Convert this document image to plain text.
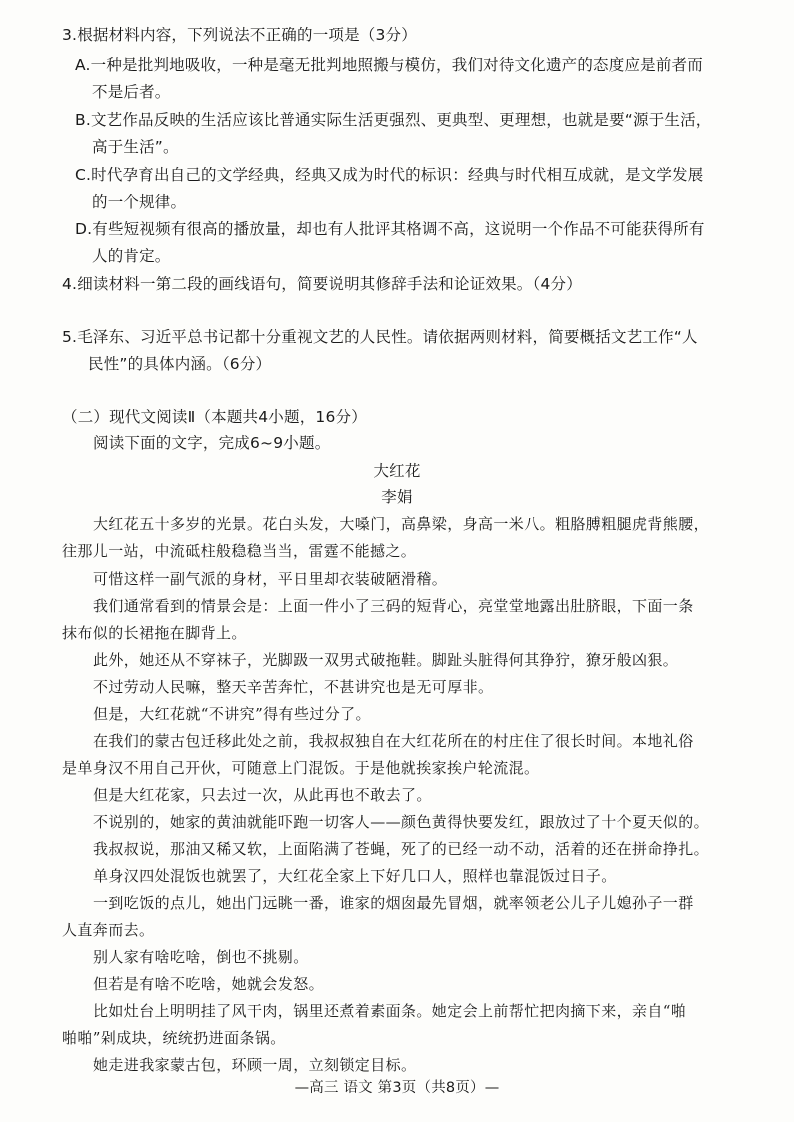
3.根据材料内容，下列说法不正确的一项是（3分）
A.一种是批判地吸收，一种是毫无批判地照搬与模仿，我们对待文化遗产的态度应是前者而
不是后者。
B.文艺作品反映的生活应该比普通实际生活更强烈、更典型、更理想，也就是要“源于生活，
高于生活”。
C.时代孕育出自己的文学经典，经典又成为时代的标识：经典与时代相互成就，是文学发展
的一个规律。
D.有些短视频有很高的播放量，却也有人批评其格调不高，这说明一个作品不可能获得所有
人的肯定。
4.细读材料一第二段的画线语句，简要说明其修辞手法和论证效果。（4分）
5.毛泽东、习近平总书记都十分重视文艺的人民性。请依据两则材料，简要概括文艺工作“人
民性”的具体内涵。（6分）
（二）现代文阅读Ⅱ（本题共4小题，16分）
阅读下面的文字，完成6~9小题。
大红花
李娟
大红花五十多岁的光景。花白头发，大嗓门，高鼻梁，身高一米八。粗胳膊粗腿虎背熊腰，
往那儿一站，中流砥柱般稳稳当当，雷霆不能撼之。
可惜这样一副气派的身材，平日里却衣装破陋滑稽。
我们通常看到的情景会是：上面一件小了三码的短背心，亮堂堂地露出肚脐眼，下面一条
抹布似的长裙拖在脚背上。
此外，她还从不穿袜子，光脚趿一双男式破拖鞋。脚趾头脏得何其狰狞，獠牙般凶狠。
不过劳动人民嘛，整天辛苦奔忙，不甚讲究也是无可厚非。
但是，大红花就“不讲究”得有些过分了。
在我们的蒙古包迁移此处之前，我叔叔独自在大红花所在的村庄住了很长时间。本地礼俗
是单身汉不用自己开伙，可随意上门混饭。于是他就挨家挨户轮流混。
但是大红花家，只去过一次，从此再也不敢去了。
不说别的，她家的黄油就能吓跑一切客人——颜色黄得快要发红，跟放过了十个夏天似的。
我叔叔说，那油又稀又软，上面陷满了苍蝇，死了的已经一动不动，活着的还在拼命挣扎。
单身汉四处混饭也就罢了，大红花全家上下好几口人，照样也靠混饭过日子。
一到吃饭的点儿，她出门远眺一番，谁家的烟囱最先冒烟，就率领老公儿子儿媳孙子一群
人直奔而去。
别人家有啥吃啥，倒也不挑剔。
但若是有啥不吃啥，她就会发怒。
比如灶台上明明挂了风干肉，锅里还煮着素面条。她定会上前帮忙把肉摘下来，亲自“啪
啪啪”剁成块，统统扔进面条锅。
她走进我家蒙古包，环顾一周，立刻锁定目标。
—高三 语文 第3页（共8页）—
